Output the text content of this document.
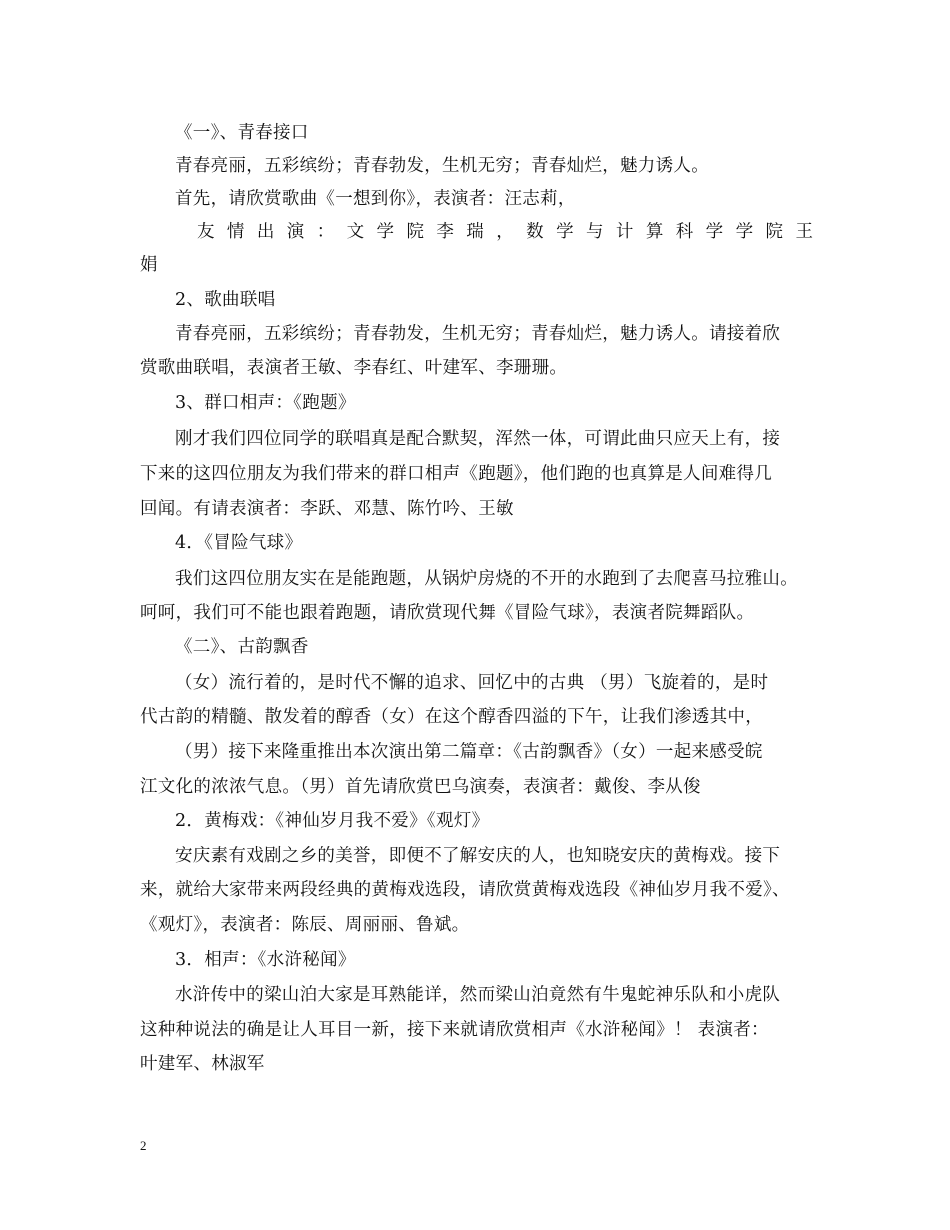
《一》、青春接口

青春亮丽，五彩缤纷；青春勃发，生机无穷；青春灿烂，魅力诱人。

首先，请欣赏歌曲《一想到你》，表演者：汪志莉，

友 情 出 演 ： 文 学 院 李 瑞 ， 数 学 与 计 算 科 学 学 院 王

娟

2、歌曲联唱

青春亮丽，五彩缤纷；青春勃发，生机无穷；青春灿烂，魅力诱人。请接着欣

赏歌曲联唱，表演者王敏、李春红、叶建军、李珊珊。

3、群口相声：《跑题》

刚才我们四位同学的联唱真是配合默契，浑然一体，可谓此曲只应天上有，接

下来的这四位朋友为我们带来的群口相声《跑题》，他们跑的也真算是人间难得几

回闻。有请表演者：李跃、邓慧、陈竹吟、王敏

4．《冒险气球》

我们这四位朋友实在是能跑题，从锅炉房烧的不开的水跑到了去爬喜马拉雅山。

呵呵，我们可不能也跟着跑题，请欣赏现代舞《冒险气球》，表演者院舞蹈队。

《二》、古韵飘香

（女）流行着的，是时代不懈的追求、回忆中的古典 （男）飞旋着的，是时

代古韵的精髓、散发着的醇香（女）在这个醇香四溢的下午，让我们渗透其中，

（男）接下来隆重推出本次演出第二篇章：《古韵飘香》（女）一起来感受皖

江文化的浓浓气息。（男）首先请欣赏巴乌演奏，表演者：戴俊、李从俊

2．黄梅戏：《神仙岁月我不爱》《观灯》

安庆素有戏剧之乡的美誉，即便不了解安庆的人，也知晓安庆的黄梅戏。接下

来，就给大家带来两段经典的黄梅戏选段，请欣赏黄梅戏选段《神仙岁月我不爱》、

《观灯》，表演者：陈辰、周丽丽、鲁斌。

3．相声：《水浒秘闻》

水浒传中的梁山泊大家是耳熟能详，然而梁山泊竟然有牛鬼蛇神乐队和小虎队

这种种说法的确是让人耳目一新，接下来就请欣赏相声《水浒秘闻》！ 表演者：

叶建军、林淑军

2
